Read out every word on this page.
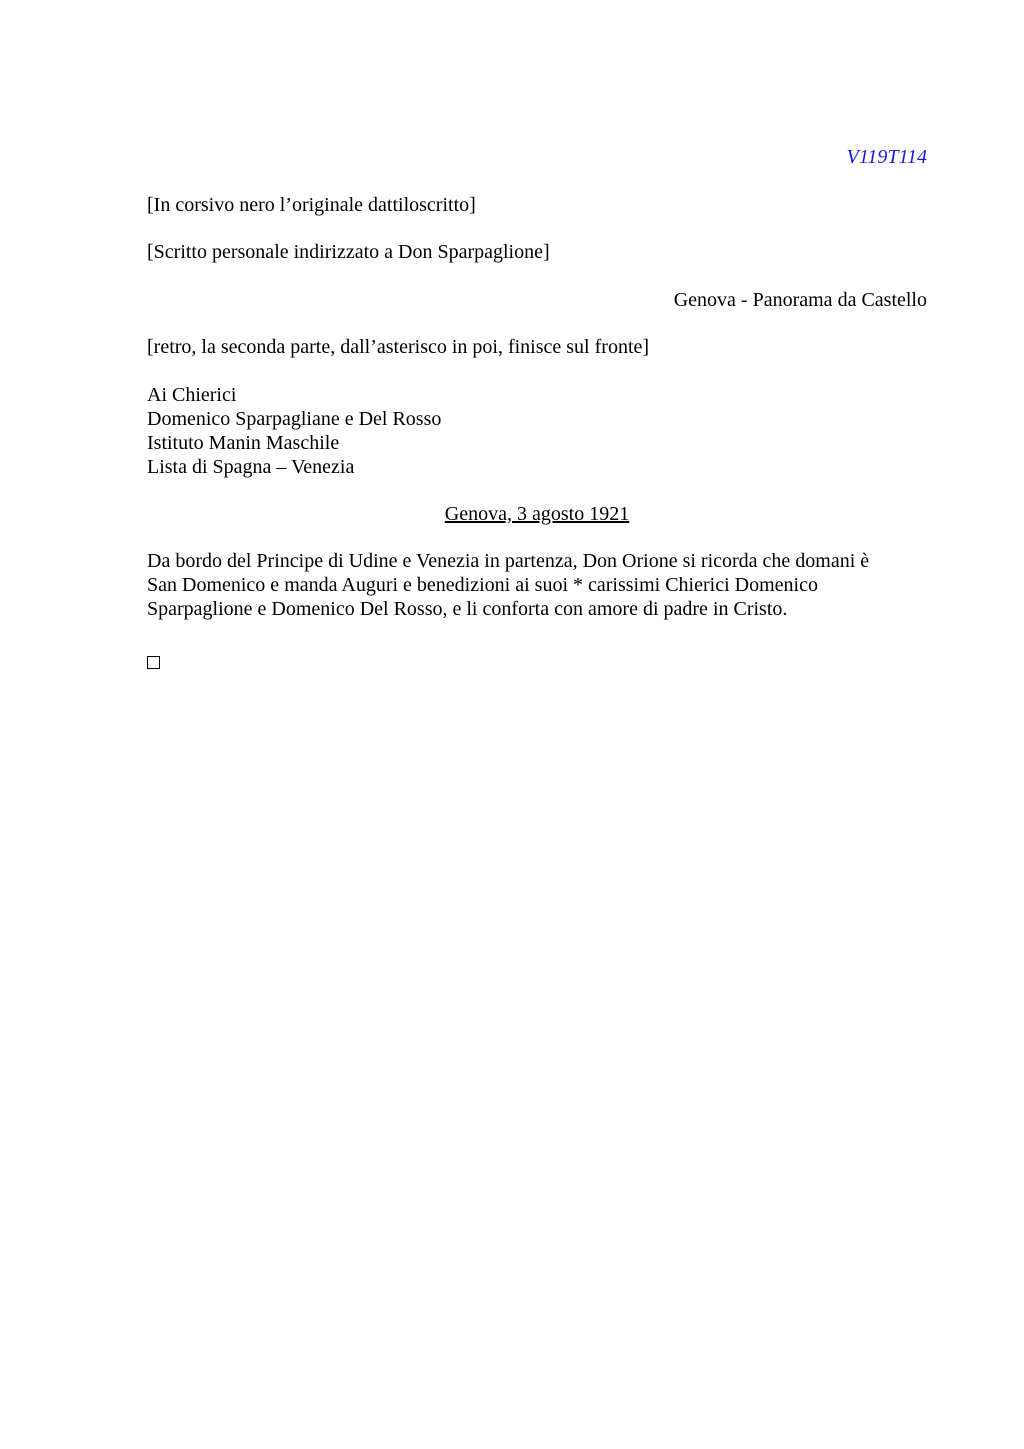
V119T114
[In corsivo nero l’originale dattiloscritto]
[Scritto personale indirizzato a Don Sparpaglione]
Genova - Panorama da Castello
[retro, la seconda parte, dall’asterisco in poi, finisce sul fronte]
Ai Chierici
Domenico Sparpagliane e Del Rosso
Istituto Manin Maschile
Lista di Spagna – Venezia
Genova, 3 agosto 1921
Da bordo del Principe di Udine e Venezia in partenza, Don Orione si ricorda che domani è
San Domenico e manda Auguri e benedizioni ai suoi * carissimi Chierici Domenico
Sparpaglione e Domenico Del Rosso, e li conforta con amore di padre in Cristo.
